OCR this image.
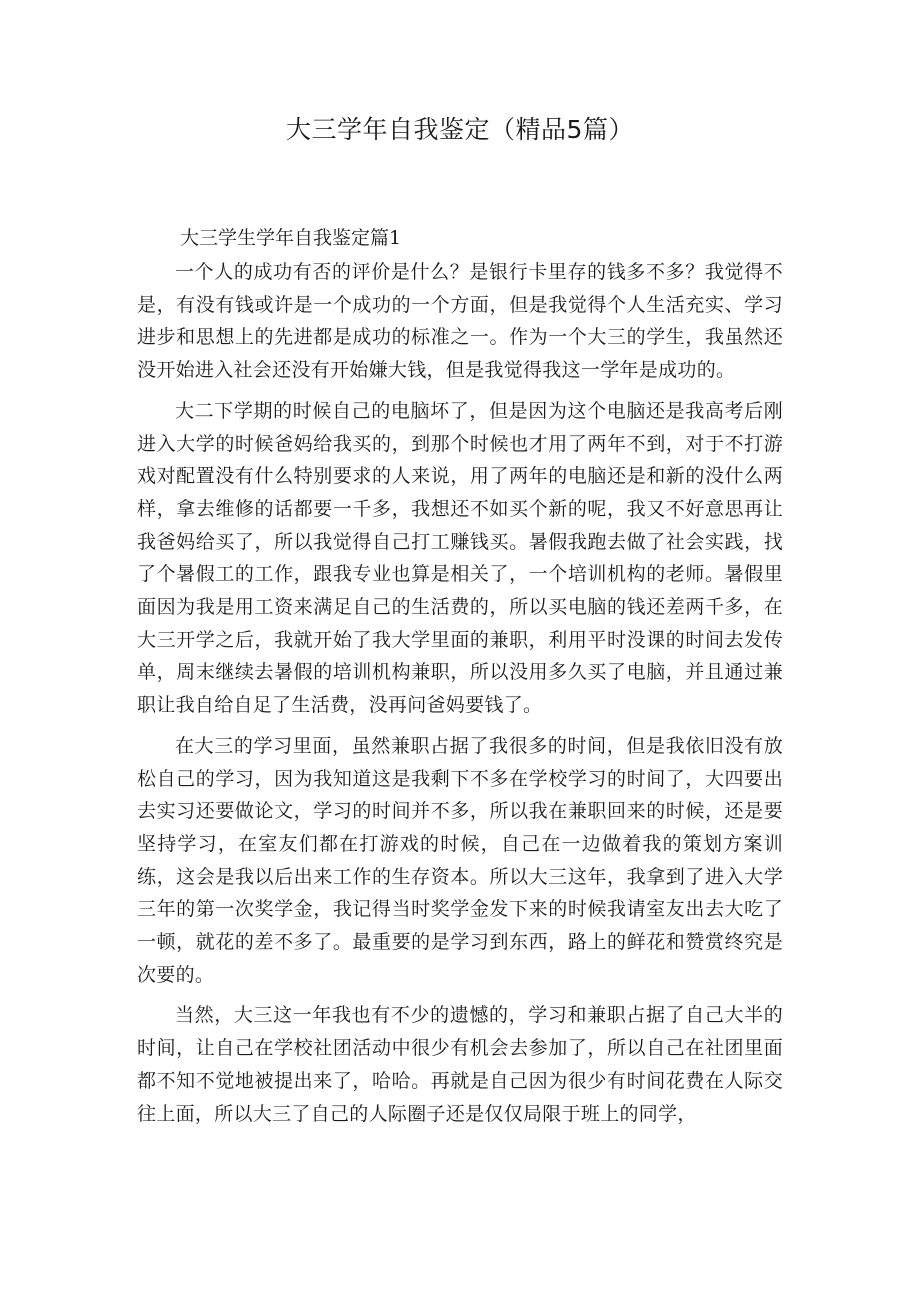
大三学年自我鉴定（精品5篇）
大三学生学年自我鉴定篇1

一个人的成功有否的评价是什么？是银行卡里存的钱多不多？我觉得不是，有没有钱或许是一个成功的一个方面，但是我觉得个人生活充实、学习进步和思想上的先进都是成功的标准之一。作为一个大三的学生，我虽然还没开始进入社会还没有开始嫌大钱，但是我觉得我这一学年是成功的。

大二下学期的时候自己的电脑坏了，但是因为这个电脑还是我高考后刚进入大学的时候爸妈给我买的，到那个时候也才用了两年不到，对于不打游戏对配置没有什么特别要求的人来说，用了两年的电脑还是和新的没什么两样，拿去维修的话都要一千多，我想还不如买个新的呢，我又不好意思再让我爸妈给买了，所以我觉得自己打工赚钱买。暑假我跑去做了社会实践，找了个暑假工的工作，跟我专业也算是相关了，一个培训机构的老师。暑假里面因为我是用工资来满足自己的生活费的，所以买电脑的钱还差两千多，在大三开学之后，我就开始了我大学里面的兼职，利用平时没课的时间去发传单，周末继续去暑假的培训机构兼职，所以没用多久买了电脑，并且通过兼职让我自给自足了生活费，没再问爸妈要钱了。

在大三的学习里面，虽然兼职占据了我很多的时间，但是我依旧没有放松自己的学习，因为我知道这是我剩下不多在学校学习的时间了，大四要出去实习还要做论文，学习的时间并不多，所以我在兼职回来的时候，还是要坚持学习，在室友们都在打游戏的时候，自己在一边做着我的策划方案训练，这会是我以后出来工作的生存资本。所以大三这年，我拿到了进入大学三年的第一次奖学金，我记得当时奖学金发下来的时候我请室友出去大吃了一顿，就花的差不多了。最重要的是学习到东西，路上的鲜花和赞赏终究是次要的。

当然，大三这一年我也有不少的遗憾的，学习和兼职占据了自己大半的时间，让自己在学校社团活动中很少有机会去参加了，所以自己在社团里面都不知不觉地被提出来了，哈哈。再就是自己因为很少有时间花费在人际交往上面，所以大三了自己的人际圈子还是仅仅局限于班上的同学，
